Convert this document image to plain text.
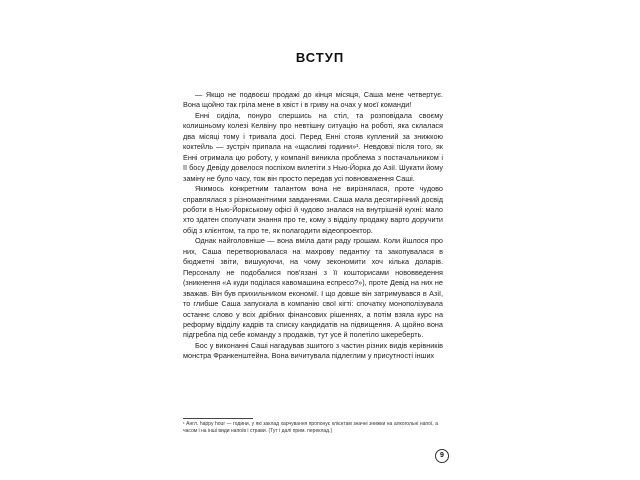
ВСТУП

— Якщо не подвоєш продажі до кінця місяця, Саша мене четвертує. Вона щойно так гріла мене в хвіст і в гриву на очах у моєї команди!

Енні сиділа, понуро спершись на стіл, та розповідала своєму колишньому колезі Келвіну про невтішну ситуацію на роботі, яка склалася два місяці тому і тривала досі. Перед Енні стояв куплений за знижкою коктейль — зустріч припала на «щасливі години»¹. Невдовзі після того, як Енні отримала цю роботу, у компанії виникла проблема з постачальником і її босу Девіду довелося поспіхом вилетіти з Нью-Йорка до Азії. Шукати йому заміну не було часу, тож він просто передав усі повноваження Саші.

Якимось конкретним талантом вона не вирізнялася, проте чудово справлялася з різноманітними завданнями. Саша мала десятирічний досвід роботи в Нью-Йоркському офісі й чудово зналася на внутрішній кухні: мало хто здатен сполучати знання про те, кому з відділу продажу варто доручити обід з клієнтом, та про те, як полагодити відеопроектор.

Однак найголовніше — вона вміла дати раду грошам. Коли йшлося про них, Саша перетворювалася на махрову педантку та закопувалася в бюджетні звіти, вишукуючи, на чому зекономити хоч кілька доларів. Персоналу не подобалися пов'язані з її кошторисами нововведення (зникнення «А куди поділася кавомашина еспресо?»), проте Девід на них не зважав. Він був прихильником економії. І що довше він затримувався в Азії, то глибше Саша запускала в компанію свої кігті: спочатку монополізувала останнє слово у всіх дрібних фінансових рішеннях, а потім взяла курс на реформу відділу кадрів та списку кандидатів на підвищення. А щойно вона підгребла під себе команду з продажів, тут усе й полетіло шкереберть.

Бос у виконанні Саші нагадував зшитого з частин різних видів керівників монстра Франкенштейна. Вона вичитувала підлеглим у присутності інших

¹ Англ. happy hour — години, у які заклад харчування пропонує клієнтам значні знижки на алкогольні напої, а часом і на інші види напоїв і страви. (Тут і далі прим. переклад.)
9
